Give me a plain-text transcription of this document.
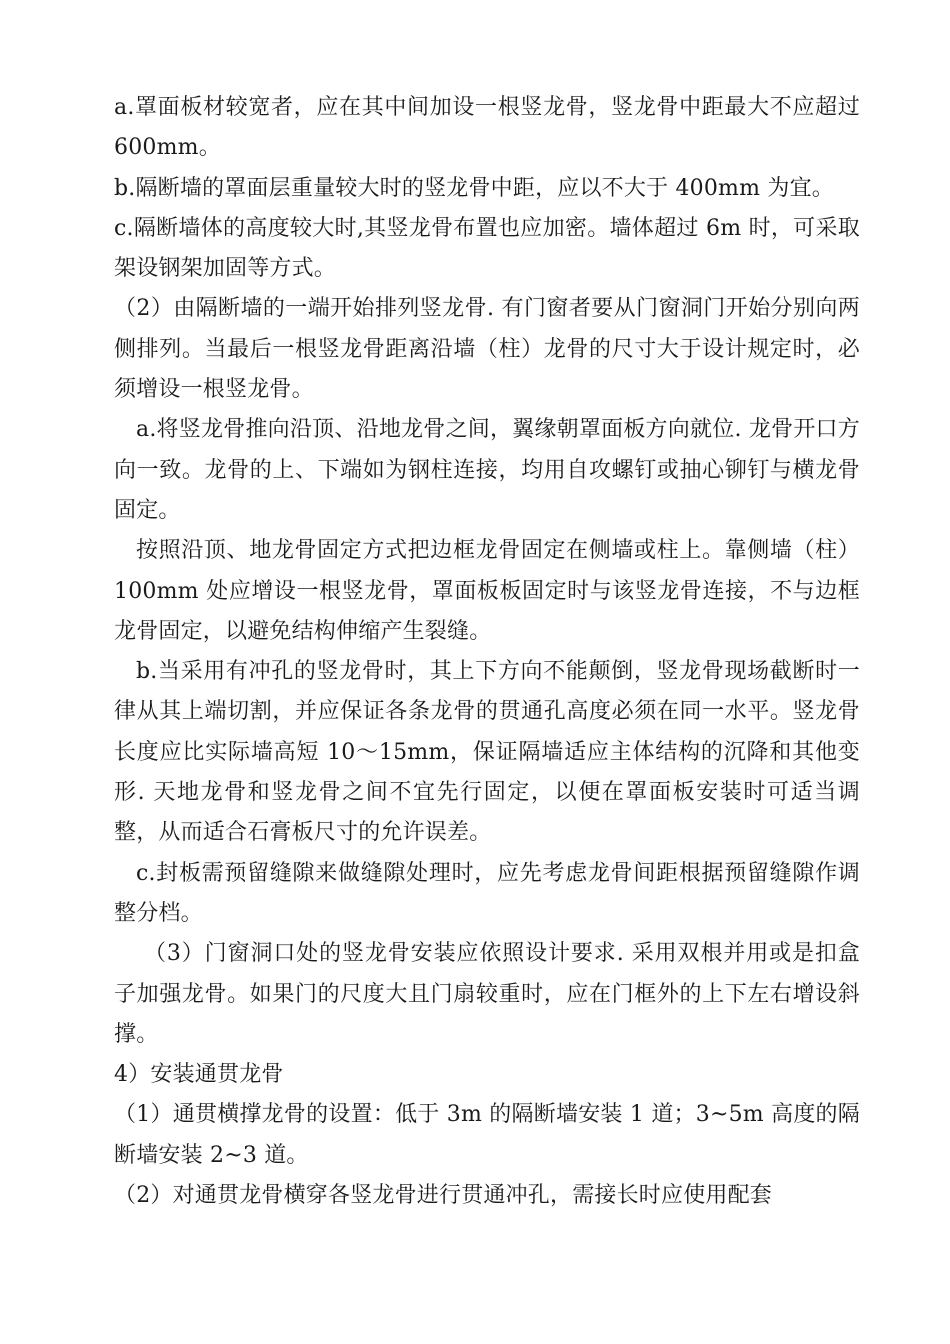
a.罩面板材较宽者，应在其中间加设一根竖龙骨，竖龙骨中距最大不应超过 600mm。

b.隔断墙的罩面层重量较大时的竖龙骨中距，应以不大于 400mm 为宜。

c.隔断墙体的高度较大时,其竖龙骨布置也应加密。墙体超过 6m 时，可采取架设钢架加固等方式。

（2）由隔断墙的一端开始排列竖龙骨. 有门窗者要从门窗洞门开始分别向两侧排列。当最后一根竖龙骨距离沿墙（柱）龙骨的尺寸大于设计规定时，必须增设一根竖龙骨。

a.将竖龙骨推向沿顶、沿地龙骨之间，翼缘朝罩面板方向就位. 龙骨开口方向一致。龙骨的上、下端如为钢柱连接，均用自攻螺钉或抽心铆钉与横龙骨固定。

按照沿顶、地龙骨固定方式把边框龙骨固定在侧墙或柱上。靠侧墙（柱）100mm 处应增设一根竖龙骨，罩面板板固定时与该竖龙骨连接，不与边框龙骨固定，以避免结构伸缩产生裂缝。

b.当采用有冲孔的竖龙骨时，其上下方向不能颠倒，竖龙骨现场截断时一律从其上端切割，并应保证各条龙骨的贯通孔高度必须在同一水平。竖龙骨长度应比实际墙高短 10～15mm，保证隔墙适应主体结构的沉降和其他变形. 天地龙骨和竖龙骨之间不宜先行固定，以便在罩面板安装时可适当调整，从而适合石膏板尺寸的允许误差。

c.封板需预留缝隙来做缝隙处理时，应先考虑龙骨间距根据预留缝隙作调整分档。

（3）门窗洞口处的竖龙骨安装应依照设计要求. 采用双根并用或是扣盒子加强龙骨。如果门的尺度大且门扇较重时，应在门框外的上下左右增设斜撑。

4）安装通贯龙骨

（1）通贯横撑龙骨的设置：低于 3m 的隔断墙安装 1 道；3~5m 高度的隔断墙安装 2~3 道。

（2）对通贯龙骨横穿各竖龙骨进行贯通冲孔，需接长时应使用配套
